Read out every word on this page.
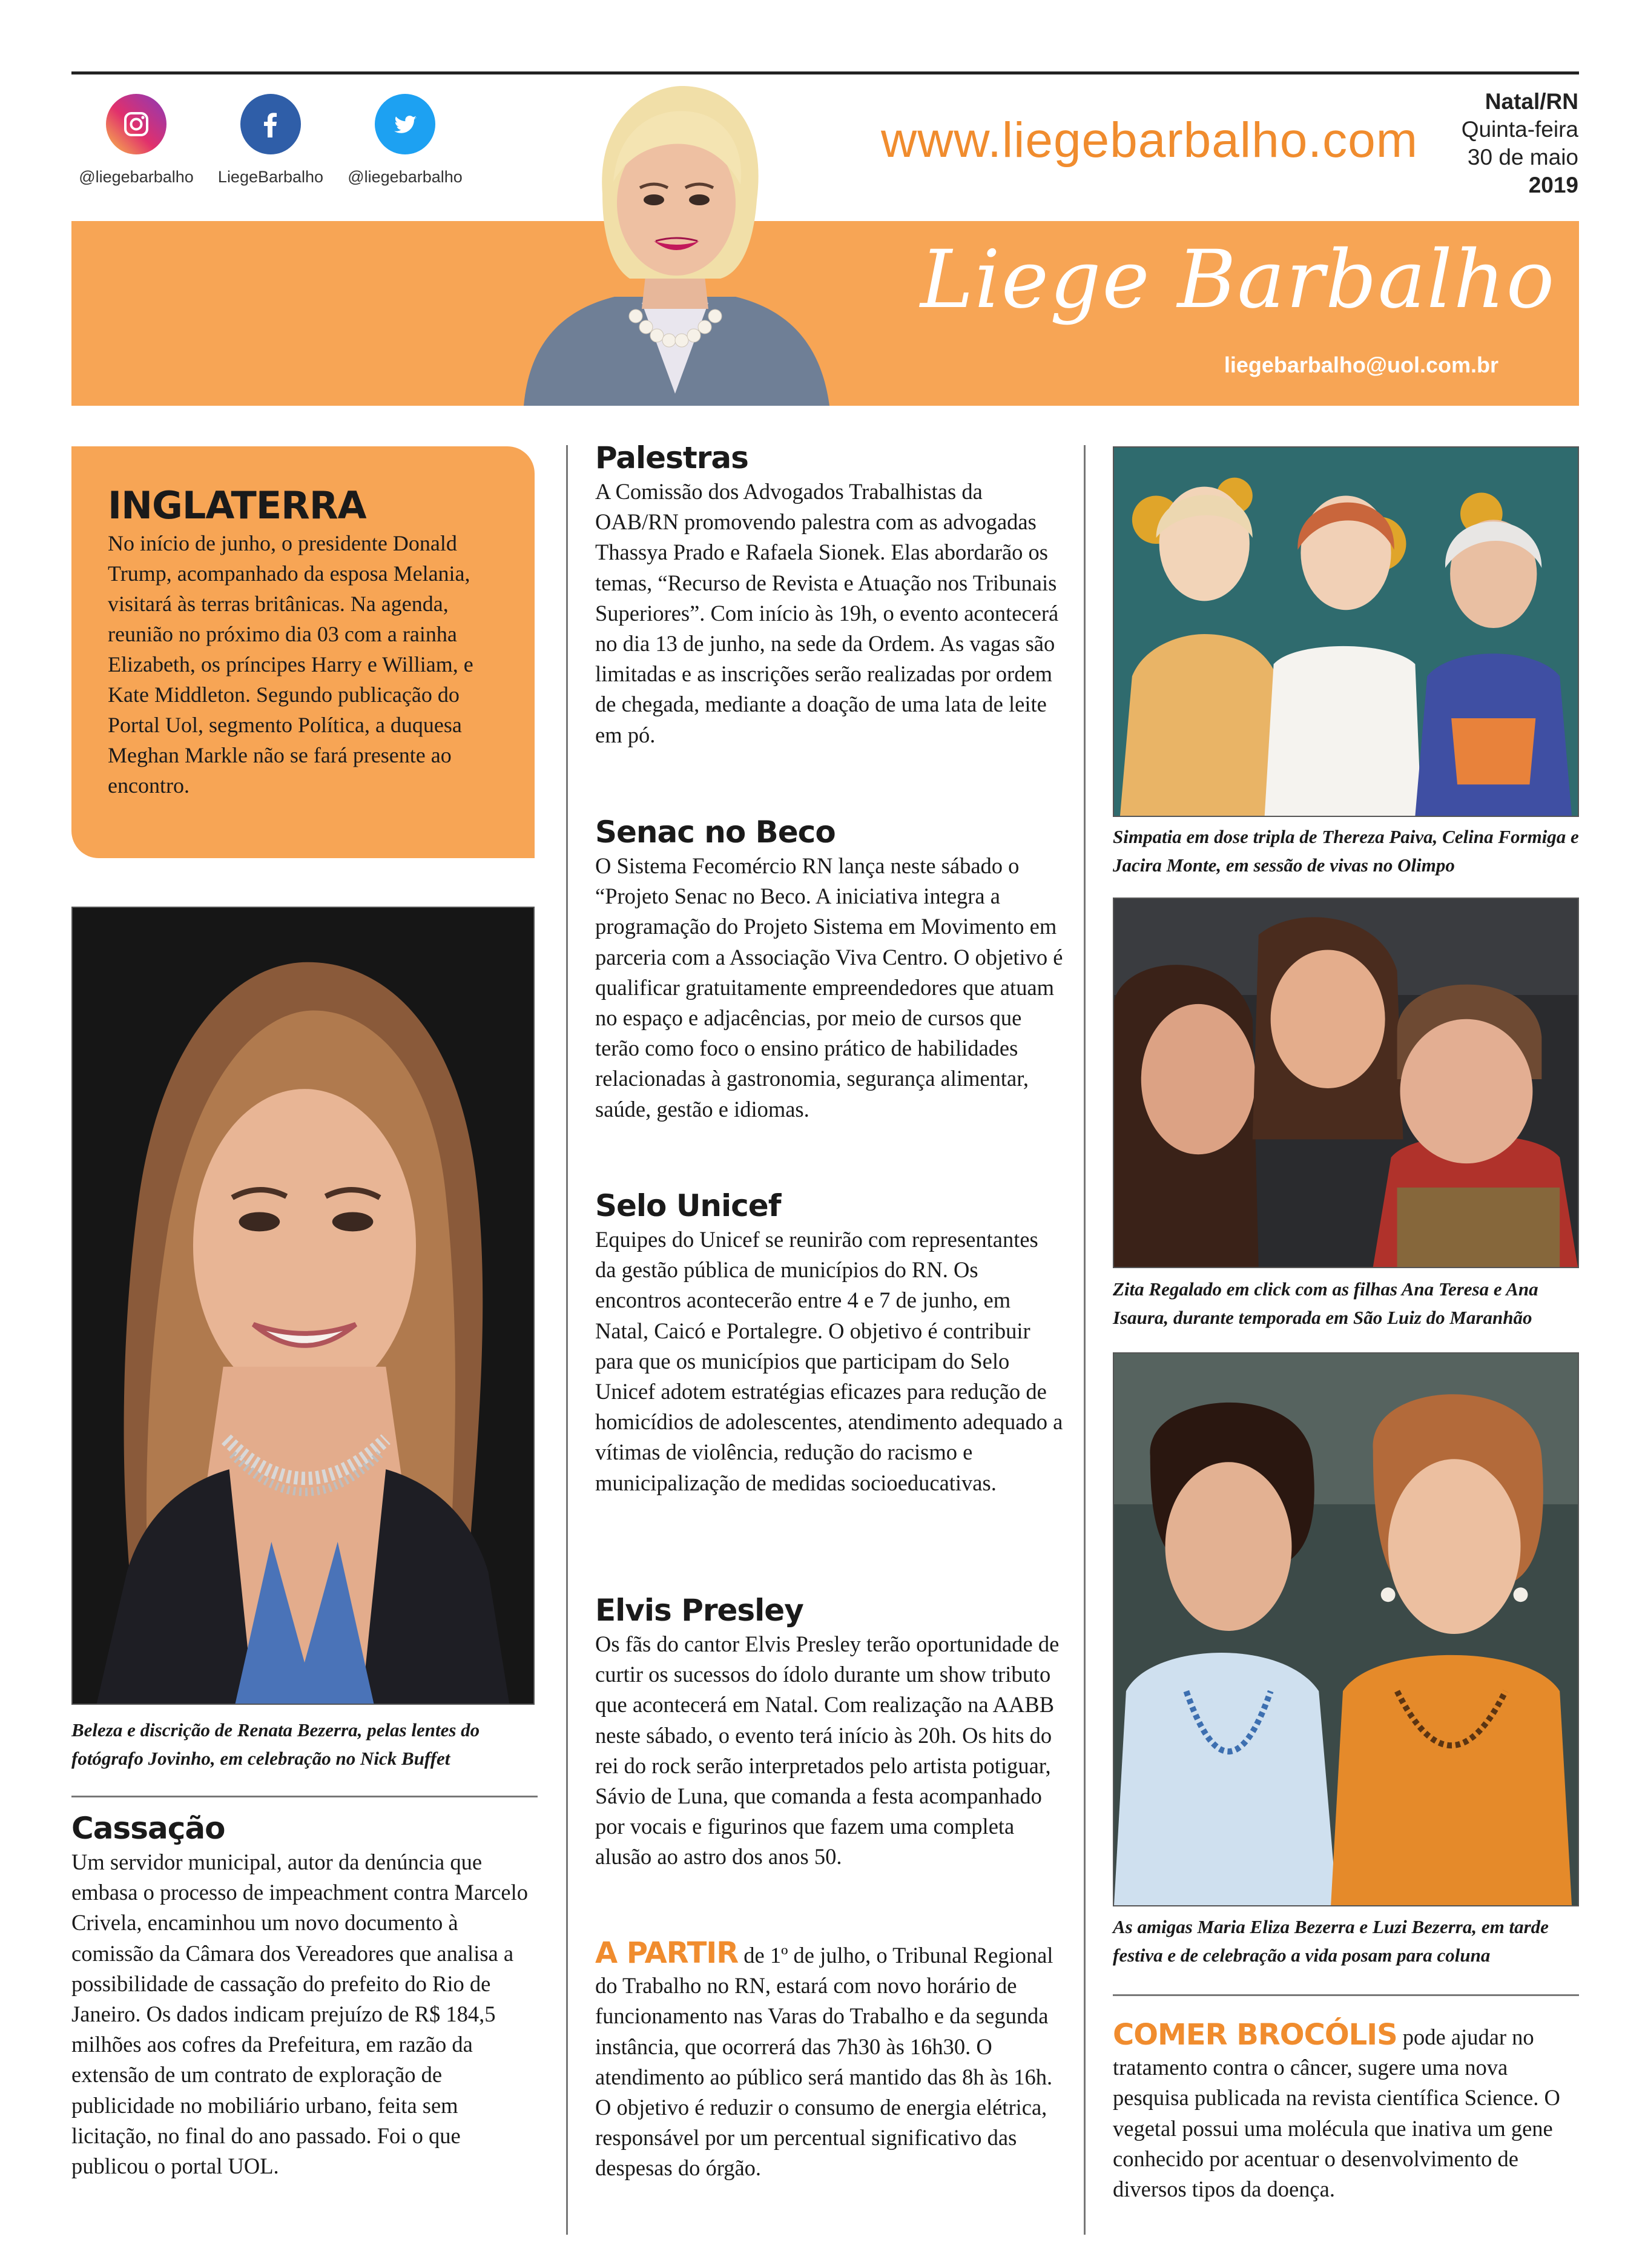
@liegebarbalho	LiegeBarbalho	@liegebarbalho
www.liegebarbalho.com
Natal/RN
Quinta-feira
30 de maio
2019
Liege Barbalho
liegebarbalho@uol.com.br
INGLATERRA
No início de junho, o presidente Donald Trump, acompanhado da esposa Melania, visitará às terras britânicas. Na agenda, reunião no próximo dia 03 com a rainha Elizabeth, os príncipes Harry e William, e Kate Middleton. Segundo publicação do Portal Uol, segmento Política, a duquesa Meghan Markle não se fará presente ao encontro.
Beleza e discrição de Renata Bezerra, pelas lentes do fotógrafo Jovinho, em celebração no Nick Buffet
Cassação
Um servidor municipal, autor da denúncia que embasa o processo de impeachment contra Marcelo Crivela, encaminhou um novo documento à comissão da Câmara dos Vereadores que analisa a possibilidade de cassação do prefeito do Rio de Janeiro. Os dados indicam prejuízo de R$ 184,5 milhões aos cofres da Prefeitura, em razão da extensão de um contrato de exploração de publicidade no mobiliário urbano, feita sem licitação, no final do ano passado. Foi o que publicou o portal UOL.
Palestras
A Comissão dos Advogados Trabalhistas da OAB/RN promovendo palestra com as advogadas Thassya Prado e Rafaela Sionek. Elas abordarão os temas, “Recurso de Revista e Atuação nos Tribunais Superiores”. Com início às 19h, o evento acontecerá no dia 13 de junho, na sede da Ordem. As vagas são limitadas e as inscrições serão realizadas por ordem de chegada, mediante a doação de uma lata de leite em pó.
Senac no Beco
O Sistema Fecomércio RN lança neste sábado o “Projeto Senac no Beco. A iniciativa integra a programação do Projeto Sistema em Movimento em parceria com a Associação Viva Centro. O objetivo é qualificar gratuitamente empreendedores que atuam no espaço e adjacências, por meio de cursos que terão como foco o ensino prático de habilidades relacionadas à gastronomia, segurança alimentar, saúde, gestão e idiomas.
Selo Unicef
Equipes do Unicef se reunirão com representantes da gestão pública de municípios do RN. Os encontros acontecerão entre 4 e 7 de junho, em Natal, Caicó e Portalegre. O objetivo é contribuir para que os municípios que participam do Selo Unicef adotem estratégias eficazes para redução de homicídios de adolescentes, atendimento adequado a vítimas de violência, redução do racismo e municipalização de medidas socioeducativas.
Elvis Presley
Os fãs do cantor Elvis Presley terão oportunidade de curtir os sucessos do ídolo durante um show tributo que acontecerá em Natal. Com realização na AABB neste sábado, o evento terá início às 20h. Os hits do rei do rock serão interpretados pelo artista potiguar, Sávio de Luna, que comanda a festa acompanhado por vocais e figurinos que fazem uma completa alusão ao astro dos anos 50.
A PARTIR de 1º de julho, o Tribunal Regional do Trabalho no RN, estará com novo horário de funcionamento nas Varas do Trabalho e da segunda instância, que ocorrerá das 7h30 às 16h30. O atendimento ao público será mantido das 8h às 16h. O objetivo é reduzir o consumo de energia elétrica, responsável por um percentual significativo das despesas do órgão.
Simpatia em dose tripla de Thereza Paiva, Celina Formiga e Jacira Monte, em sessão de vivas no Olimpo
Zita Regalado em click com as filhas Ana Teresa e Ana Isaura, durante temporada em São Luiz do Maranhão
As amigas Maria Eliza Bezerra e Luzi Bezerra, em tarde festiva e de celebração a vida posam para coluna
COMER BROCÓLIS pode ajudar no tratamento contra o câncer, sugere uma nova pesquisa publicada na revista científica Science. O vegetal possui uma molécula que inativa um gene conhecido por acentuar o desenvolvimento de diversos tipos da doença.
